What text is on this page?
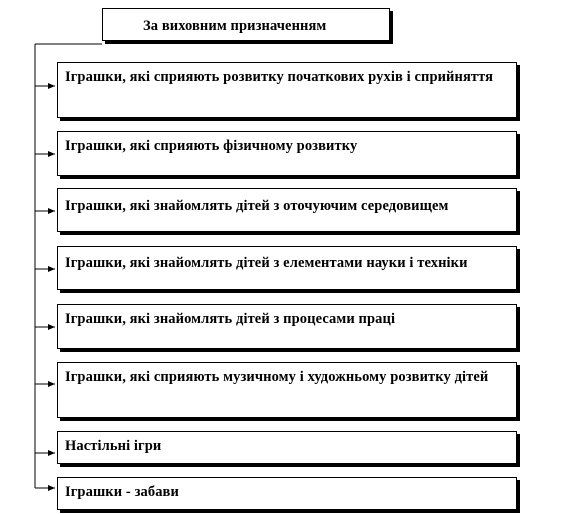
За виховним призначенням
Іграшки, які сприяють розвитку початкових рухів і сприйняття
Іграшки, які сприяють фізичному розвитку
Іграшки, які знайомлять дітей з оточуючим середовищем
Іграшки, які знайомлять дітей з елементами науки і техніки
Іграшки, які знайомлять дітей з процесами праці
Іграшки, які сприяють музичному і художньому розвитку дітей
Настільні ігри
Іграшки - забави
